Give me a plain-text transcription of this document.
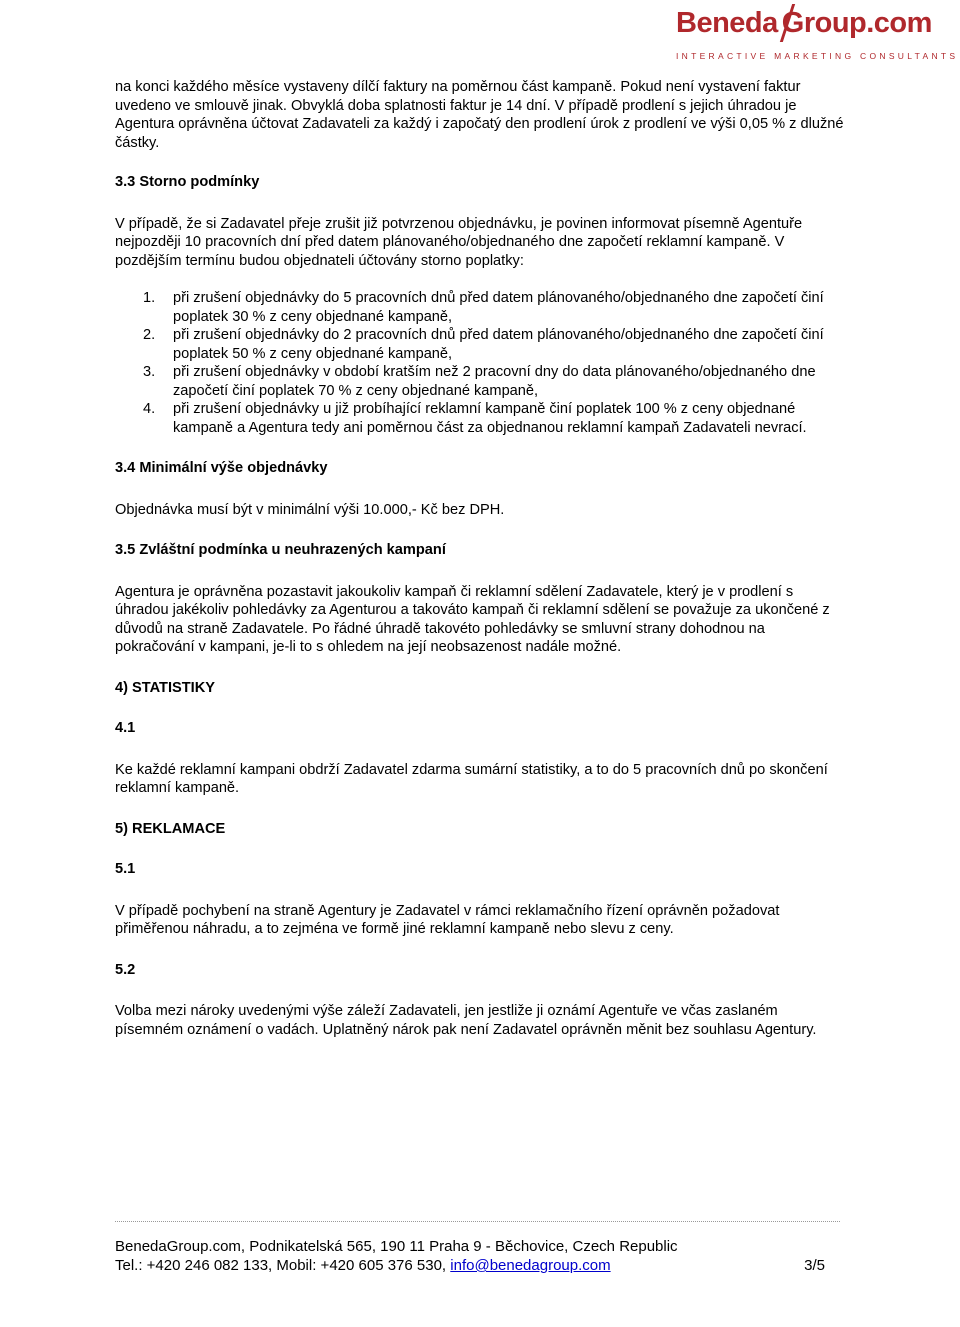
Beneda Group.com
INTERACTIVE MARKETING CONSULTANTS

na konci každého měsíce vystaveny dílčí faktury na poměrnou část kampaně. Pokud není vystavení faktur uvedeno ve smlouvě jinak. Obvyklá doba splatnosti faktur je 14 dní. V případě prodlení s jejich úhradou je Agentura oprávněna účtovat Zadavateli za každý i započatý den prodlení úrok z prodlení ve výši 0,05 % z dlužné částky.

3.3 Storno podmínky

V případě, že si Zadavatel přeje zrušit již potvrzenou objednávku, je povinen informovat písemně Agentuře nejpozději 10 pracovních dní před datem plánovaného/objednaného dne započetí reklamní kampaně. V pozdějším termínu budou objednateli účtovány storno poplatky:

1. při zrušení objednávky do 5 pracovních dnů před datem plánovaného/objednaného dne započetí činí poplatek 30 % z ceny objednané kampaně,
2. při zrušení objednávky do 2 pracovních dnů před datem plánovaného/objednaného dne započetí činí poplatek 50 % z ceny objednané kampaně,
3. při zrušení objednávky v období kratším než 2 pracovní dny do data plánovaného/objednaného dne započetí činí poplatek 70 % z ceny objednané kampaně,
4. při zrušení objednávky u již probíhající reklamní kampaně činí poplatek 100 % z ceny objednané kampaně a Agentura tedy ani poměrnou část za objednanou reklamní kampaň Zadavateli nevrací.
3.4 Minimální výše objednávky

Objednávka musí být v minimální výši 10.000,- Kč bez DPH.

3.5 Zvláštní podmínka u neuhrazených kampaní

Agentura je oprávněna pozastavit jakoukoliv kampaň či reklamní sdělení Zadavatele, který je v prodlení s úhradou jakékoliv pohledávky za Agenturou a takováto kampaň či reklamní sdělení se považuje za ukončené z důvodů na straně Zadavatele. Po řádné úhradě takovéto pohledávky se smluvní strany dohodnou na pokračování v kampani, je-li to s ohledem na její neobsazenost nadále možné.

4) STATISTIKY
4.1

Ke každé reklamní kampani obdrží Zadavatel zdarma sumární statistiky, a to do 5 pracovních dnů po skončení reklamní kampaně.

5) REKLAMACE
5.1

V případě pochybení na straně Agentury je Zadavatel v rámci reklamačního řízení oprávněn požadovat přiměřenou náhradu, a to zejména ve formě jiné reklamní kampaně nebo slevu z ceny.

5.2

Volba mezi nároky uvedenými výše záleží Zadavateli, jen jestliže ji oznámí Agentuře ve včas zaslaném písemném oznámení o vadách. Uplatněný nárok pak není Zadavatel oprávněn měnit bez souhlasu Agentury.

BenedaGroup.com, Podnikatelská 565, 190 11 Praha 9 - Běchovice, Czech Republic
Tel.: +420 246 082 133, Mobil: +420 605 376 530, info@benedagroup.com	3/5
